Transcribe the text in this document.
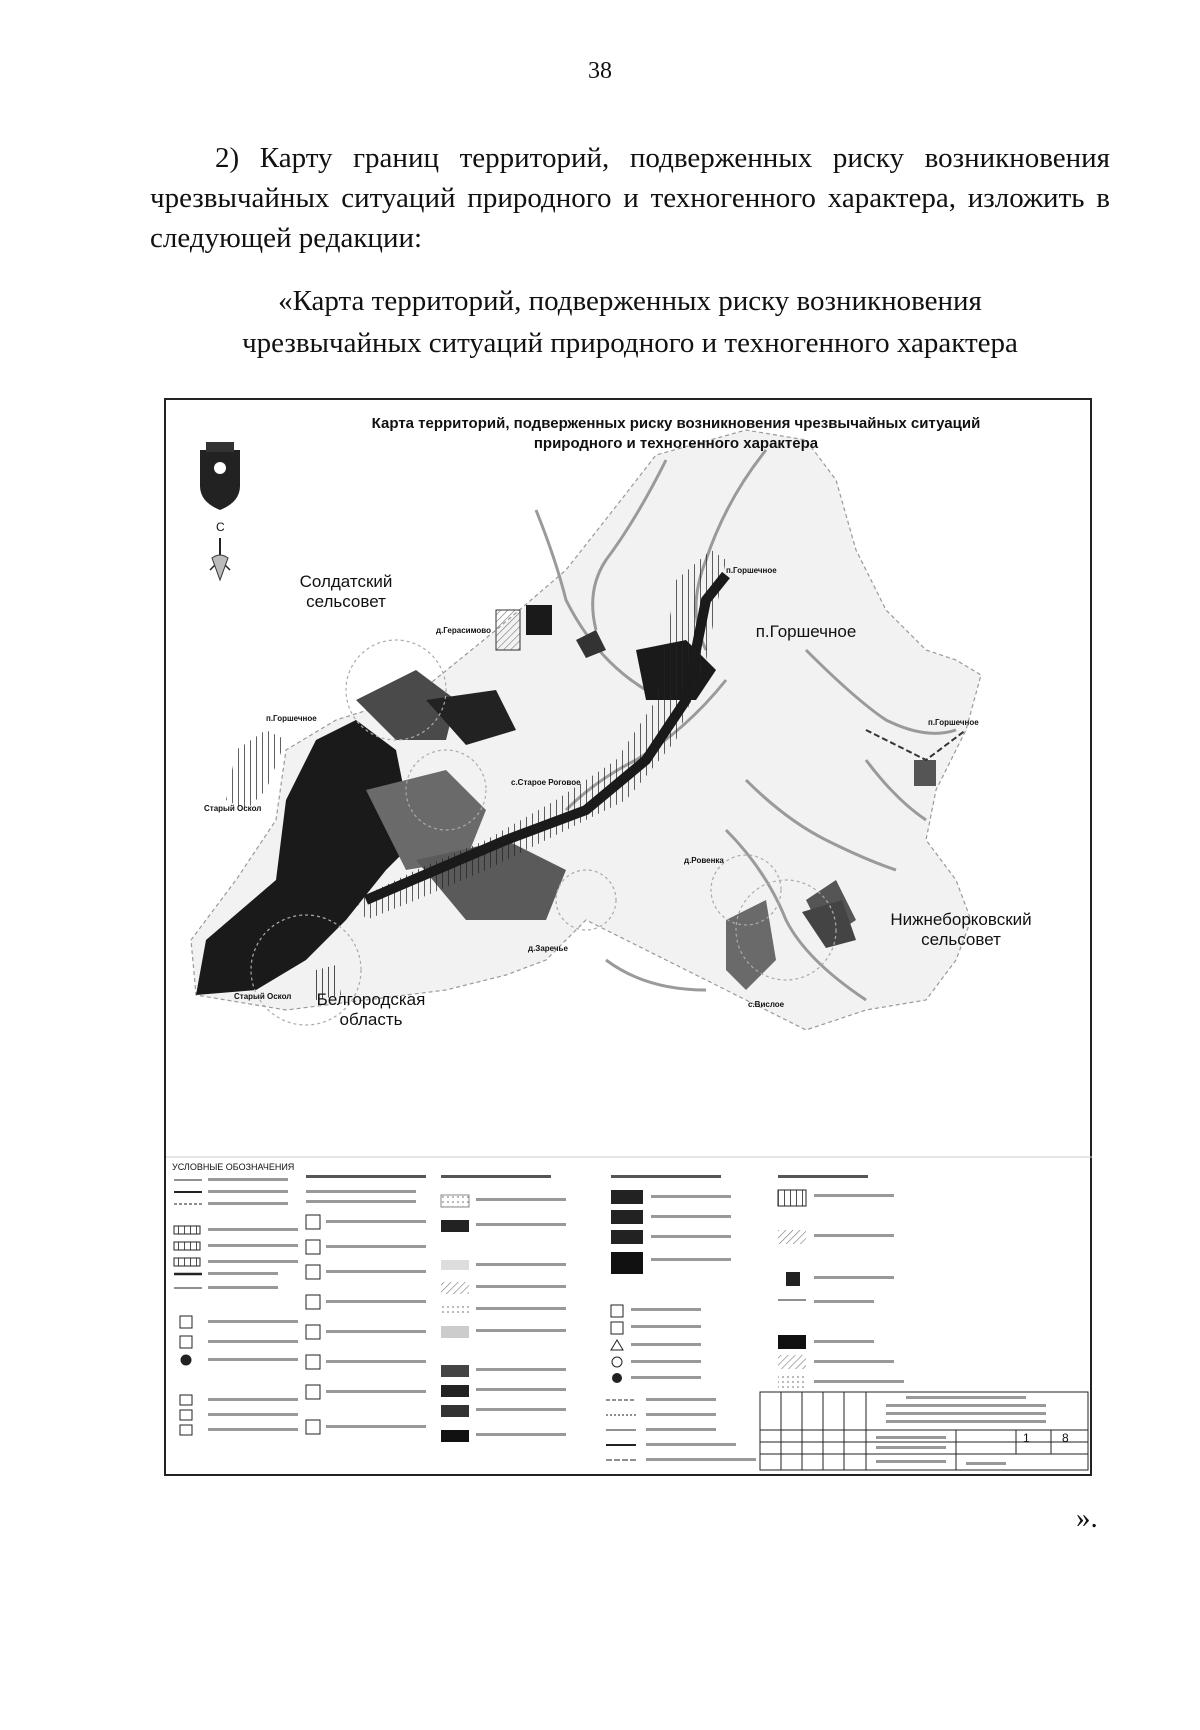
38
2) Карту границ территорий, подверженных риску возникновения чрезвычайных ситуаций природного и техногенного характера, изложить в следующей редакции:
«Карта территорий, подверженных риску возникновения
чрезвычайных ситуаций природного и техногенного характера
Карта территорий, подверженных риску возникновения чрезвычайных ситуаций
природного и техногенного характера
С
Солдатский сельсовет
п.Горшечное
Нижнеборковский сельсовет
Белгородская область
п.Горшечное
д.Герасимово
п.Горшечное
Старый Оскол
с.Старое Роговое
п.Горшечное
д.Ровенка
д.Заречье
Старый Оскол
с.Вислое
УСЛОВНЫЕ ОБОЗНАЧЕНИЯ
1	8
».
